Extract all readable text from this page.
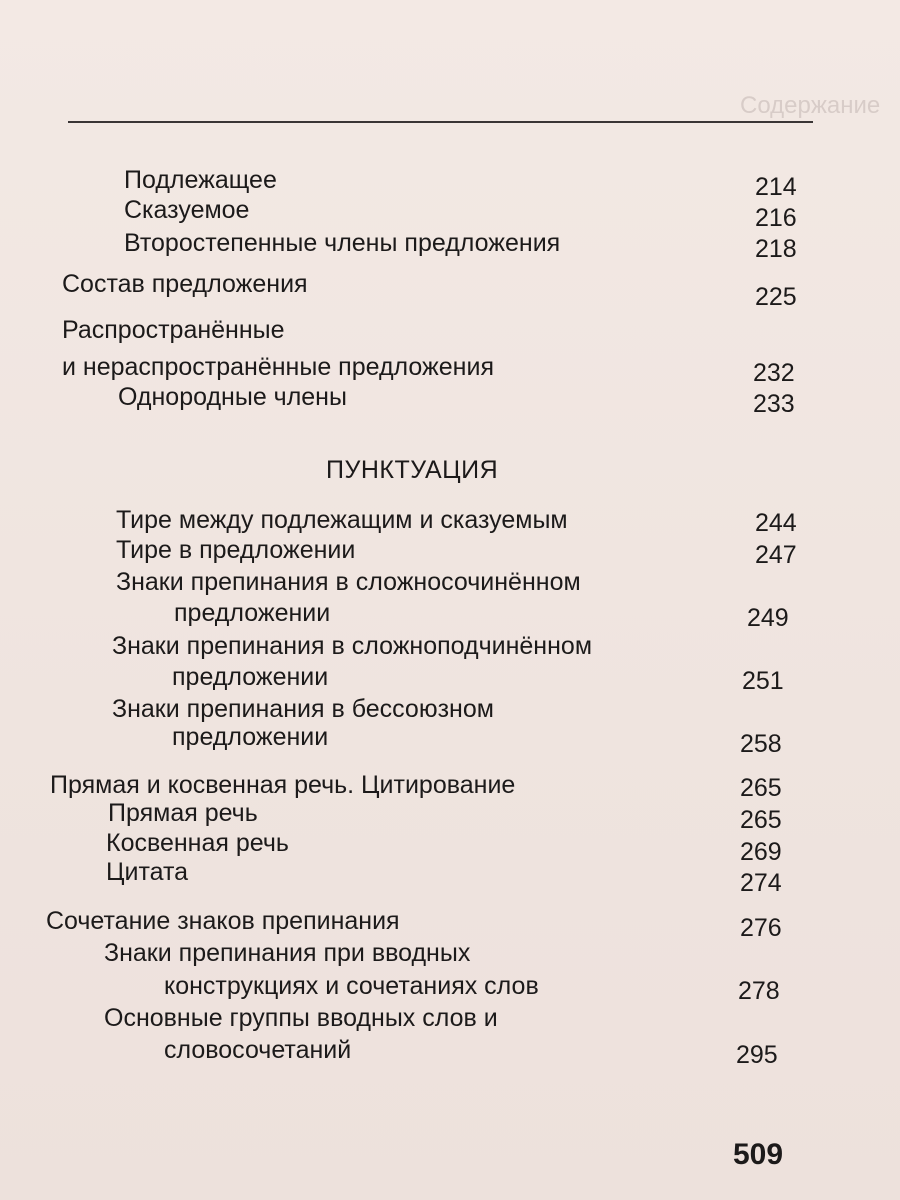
Содержание
Подлежащее	214
Сказуемое	216
Второстепенные члены предложения	218
Состав предложения	225
Распространённые
и нераспространённые предложения	232
Однородные члены	233
ПУНКТУАЦИЯ
Тире между подлежащим и сказуемым	244
Тире в предложении	247
Знаки препинания в сложносочинённом
предложении	249
Знаки препинания в сложноподчинённом
предложении	251
Знаки препинания в бессоюзном
предложении	258
Прямая и косвенная речь. Цитирование	265
Прямая речь	265
Косвенная речь	269
Цитата	274
Сочетание знаков препинания	276
Знаки препинания при вводных
конструкциях и сочетаниях слов	278
Основные группы вводных слов и
словосочетаний	295
509
